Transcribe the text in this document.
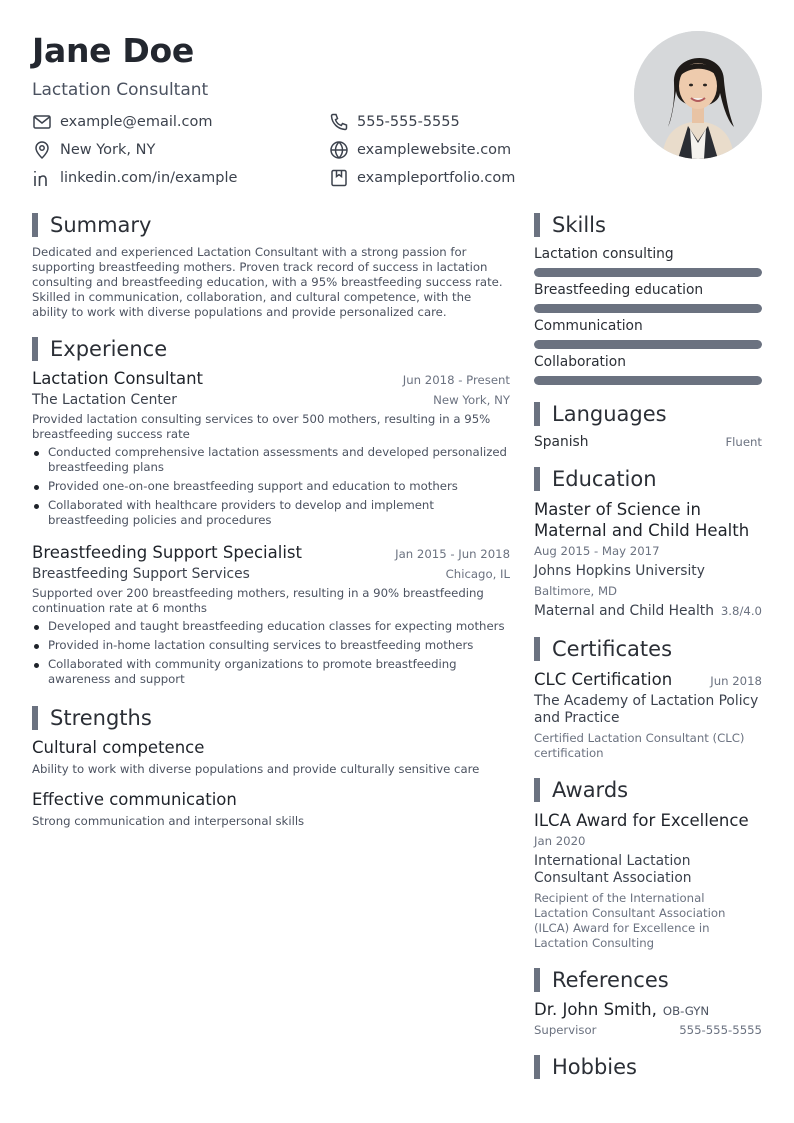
Jane Doe
Lactation Consultant
example@email.com
New York, NY
linkedin.com/in/example
555-555-5555
examplewebsite.com
exampleportfolio.com
Summary
Dedicated and experienced Lactation Consultant with a strong passion for supporting breastfeeding mothers. Proven track record of success in lactation consulting and breastfeeding education, with a 95% breastfeeding success rate. Skilled in communication, collaboration, and cultural competence, with the ability to work with diverse populations and provide personalized care.
Experience
Lactation Consultant	Jun 2018 - Present
The Lactation Center	New York, NY
Provided lactation consulting services to over 500 mothers, resulting in a 95% breastfeeding success rate
Conducted comprehensive lactation assessments and developed personalized breastfeeding plans
Provided one-on-one breastfeeding support and education to mothers
Collaborated with healthcare providers to develop and implement breastfeeding policies and procedures
Breastfeeding Support Specialist	Jan 2015 - Jun 2018
Breastfeeding Support Services	Chicago, IL
Supported over 200 breastfeeding mothers, resulting in a 90% breastfeeding continuation rate at 6 months
Developed and taught breastfeeding education classes for expecting mothers
Provided in-home lactation consulting services to breastfeeding mothers
Collaborated with community organizations to promote breastfeeding awareness and support
Strengths
Cultural competence
Ability to work with diverse populations and provide culturally sensitive care
Effective communication
Strong communication and interpersonal skills
Skills
Lactation consulting
Breastfeeding education
Communication
Collaboration
Languages
Spanish	Fluent
Education
Master of Science in Maternal and Child Health
Aug 2015 - May 2017
Johns Hopkins University
Baltimore, MD
Maternal and Child Health 3.8/4.0
Certificates
CLC Certification	Jun 2018
The Academy of Lactation Policy and Practice
Certified Lactation Consultant (CLC) certification
Awards
ILCA Award for Excellence
Jan 2020
International Lactation Consultant Association
Recipient of the International Lactation Consultant Association (ILCA) Award for Excellence in Lactation Consulting
References
Dr. John Smith, OB-GYN
Supervisor	555-555-5555
Hobbies
